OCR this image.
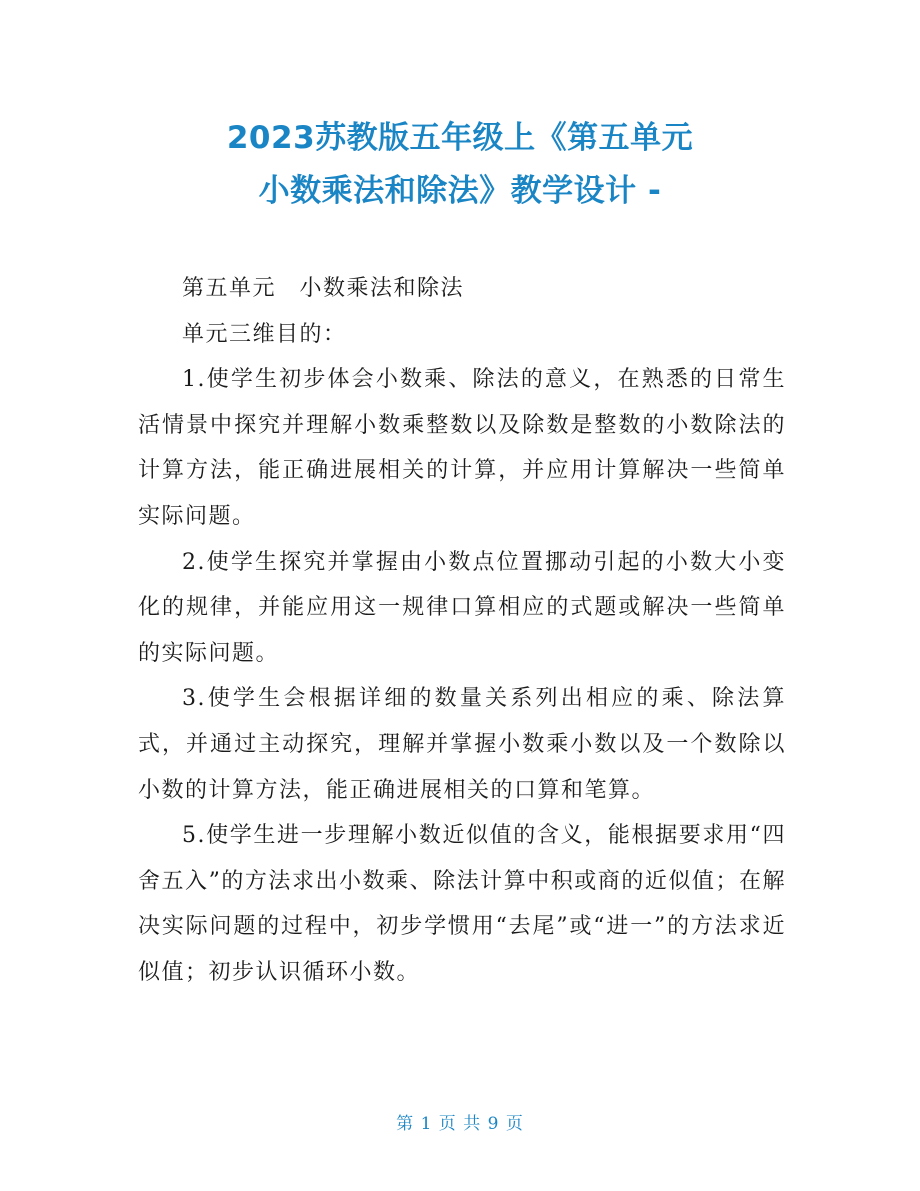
2023苏教版五年级上《第五单元
小数乘法和除法》教学设计 -

第五单元　小数乘法和除法

单元三维目的：

1.使学生初步体会小数乘、除法的意义，在熟悉的日常生活情景中探究并理解小数乘整数以及除数是整数的小数除法的计算方法，能正确进展相关的计算，并应用计算解决一些简单实际问题。

2.使学生探究并掌握由小数点位置挪动引起的小数大小变化的规律，并能应用这一规律口算相应的式题或解决一些简单的实际问题。

3.使学生会根据详细的数量关系列出相应的乘、除法算式，并通过主动探究，理解并掌握小数乘小数以及一个数除以小数的计算方法，能正确进展相关的口算和笔算。

5.使学生进一步理解小数近似值的含义，能根据要求用“四舍五入”的方法求出小数乘、除法计算中积或商的近似值；在解决实际问题的过程中，初步学惯用“去尾”或“进一”的方法求近似值；初步认识循环小数。

第 1 页 共 9 页
